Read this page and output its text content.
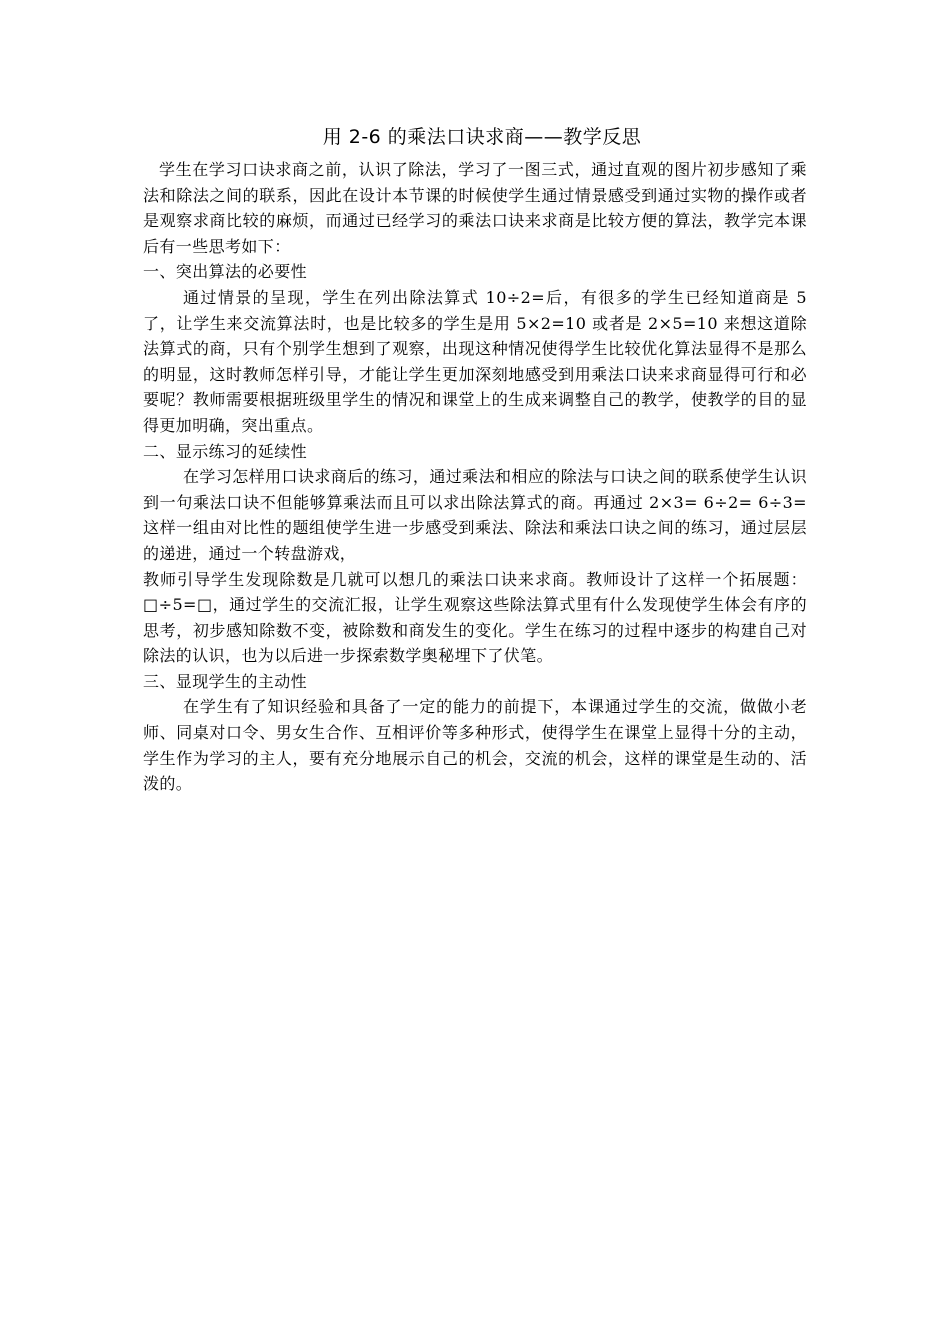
用 2-6 的乘法口诀求商——教学反思

学生在学习口诀求商之前，认识了除法，学习了一图三式，通过直观的图片初步感知了乘法和除法之间的联系，因此在设计本节课的时候使学生通过情景感受到通过实物的操作或者是观察求商比较的麻烦，而通过已经学习的乘法口诀来求商是比较方便的算法，教学完本课后有一些思考如下：

一、突出算法的必要性

通过情景的呈现，学生在列出除法算式 10÷2=后，有很多的学生已经知道商是 5 了，让学生来交流算法时，也是比较多的学生是用 5×2=10 或者是 2×5=10 来想这道除法算式的商，只有个别学生想到了观察，出现这种情况使得学生比较优化算法显得不是那么的明显，这时教师怎样引导，才能让学生更加深刻地感受到用乘法口诀来求商显得可行和必要呢？教师需要根据班级里学生的情况和课堂上的生成来调整自己的教学，使教学的目的显得更加明确，突出重点。

二、显示练习的延续性

在学习怎样用口诀求商后的练习，通过乘法和相应的除法与口诀之间的联系使学生认识到一句乘法口诀不但能够算乘法而且可以求出除法算式的商。再通过 2×3= 6÷2= 6÷3=这样一组由对比性的题组使学生进一步感受到乘法、除法和乘法口诀之间的练习，通过层层的递进，通过一个转盘游戏，

教师引导学生发现除数是几就可以想几的乘法口诀来求商。教师设计了这样一个拓展题：□÷5=□，通过学生的交流汇报，让学生观察这些除法算式里有什么发现使学生体会有序的思考，初步感知除数不变，被除数和商发生的变化。学生在练习的过程中逐步的构建自己对除法的认识，也为以后进一步探索数学奥秘埋下了伏笔。

三、显现学生的主动性

在学生有了知识经验和具备了一定的能力的前提下，本课通过学生的交流，做做小老师、同桌对口令、男女生合作、互相评价等多种形式，使得学生在课堂上显得十分的主动，学生作为学习的主人，要有充分地展示自己的机会，交流的机会，这样的课堂是生动的、活泼的。
